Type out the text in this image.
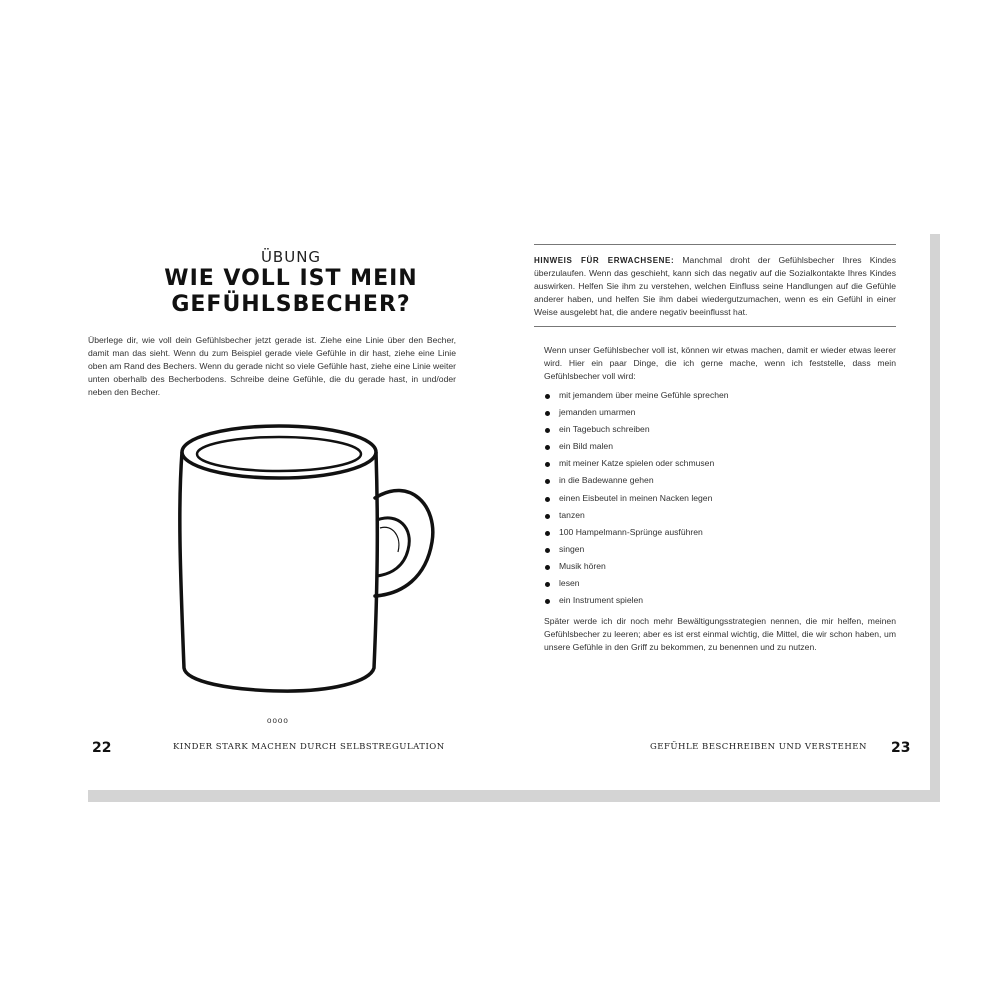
ÜBUNG
WIE VOLL IST MEIN
GEFÜHLSBECHER?

Überlege dir, wie voll dein Gefühlsbecher jetzt gerade ist. Ziehe eine Linie über den Becher, damit man das sieht. Wenn du zum Beispiel gerade viele Gefühle in dir hast, ziehe eine Linie oben am Rand des Bechers. Wenn du gerade nicht so viele Gefühle hast, ziehe eine Linie weiter unten oberhalb des Becherbodens. Schreibe deine Gefühle, die du gerade hast, in und/oder neben den Becher.

oooo
22	KINDER STARK MACHEN DURCH SELBSTREGULATION

HINWEIS FÜR ERWACHSENE: Manchmal droht der Gefühlsbecher Ihres Kindes überzulaufen. Wenn das geschieht, kann sich das negativ auf die Sozialkontakte Ihres Kindes auswirken. Helfen Sie ihm zu verstehen, welchen Einfluss seine Handlungen auf die Gefühle anderer haben, und helfen Sie ihm dabei wiedergutzumachen, wenn es ein Gefühl in einer Weise ausgelebt hat, die andere negativ beeinflusst hat.

Wenn unser Gefühlsbecher voll ist, können wir etwas machen, damit er wieder etwas leerer wird. Hier ein paar Dinge, die ich gerne mache, wenn ich feststelle, dass mein Gefühlsbecher voll wird:

mit jemandem über meine Gefühle sprechen
jemanden umarmen
ein Tagebuch schreiben
ein Bild malen
mit meiner Katze spielen oder schmusen
in die Badewanne gehen
einen Eisbeutel in meinen Nacken legen
tanzen
100 Hampelmann-Sprünge ausführen
singen
Musik hören
lesen
ein Instrument spielen

Später werde ich dir noch mehr Bewältigungsstrategien nennen, die mir helfen, meinen Gefühlsbecher zu leeren; aber es ist erst einmal wichtig, die Mittel, die wir schon haben, um unsere Gefühle in den Griff zu bekommen, zu benennen und zu nutzen.

GEFÜHLE BESCHREIBEN UND VERSTEHEN 23
